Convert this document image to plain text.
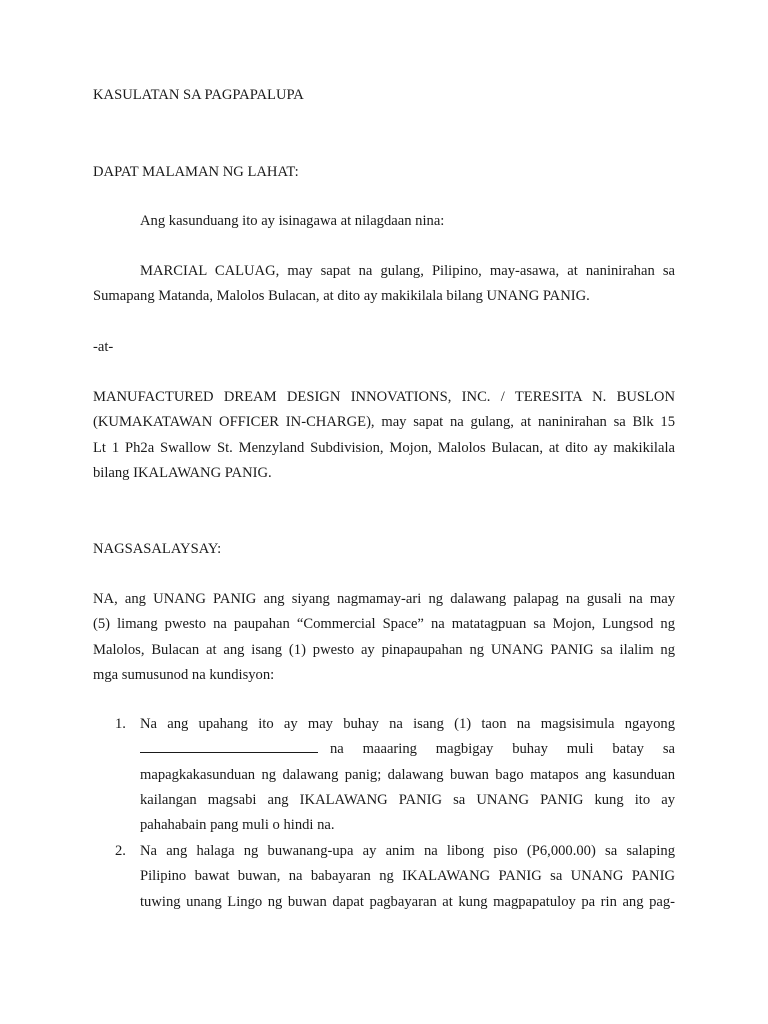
KASULATAN SA PAGPAPALUPA

DAPAT MALAMAN NG LAHAT:

Ang kasunduang ito ay isinagawa at nilagdaan nina:

MARCIAL CALUAG, may sapat na gulang, Pilipino, may-asawa, at naninirahan sa

Sumapang Matanda, Malolos Bulacan, at dito ay makikilala bilang UNANG PANIG.

-at-

MANUFACTURED DREAM DESIGN INNOVATIONS, INC. / TERESITA N. BUSLON

(KUMAKATAWAN OFFICER IN-CHARGE), may sapat na gulang, at naninirahan sa Blk 15

Lt 1 Ph2a Swallow St. Menzyland Subdivision, Mojon, Malolos Bulacan, at dito ay makikilala

bilang IKALAWANG PANIG.

NAGSASALAYSAY:

NA, ang UNANG PANIG ang siyang nagmamay-ari ng dalawang palapag na gusali na may

(5) limang pwesto na paupahan “Commercial Space” na matatagpuan sa Mojon, Lungsod ng

Malolos, Bulacan at ang isang (1) pwesto ay pinapaupahan ng UNANG PANIG sa ilalim ng

mga sumusunod na kundisyon:

1. Na ang upahang ito ay may buhay na isang (1) taon na magsisimula ngayong

na maaaring magbigay buhay muli batay sa

mapagkakasunduan ng dalawang panig; dalawang buwan bago matapos ang kasunduan

kailangan magsabi ang IKALAWANG PANIG sa UNANG PANIG kung ito ay

pahahabain pang muli o hindi na.

2. Na ang halaga ng buwanang-upa ay anim na libong piso (P6,000.00) sa salaping

Pilipino bawat buwan, na babayaran ng IKALAWANG PANIG sa UNANG PANIG

tuwing unang Lingo ng buwan dapat pagbayaran at kung magpapatuloy pa rin ang pag-
